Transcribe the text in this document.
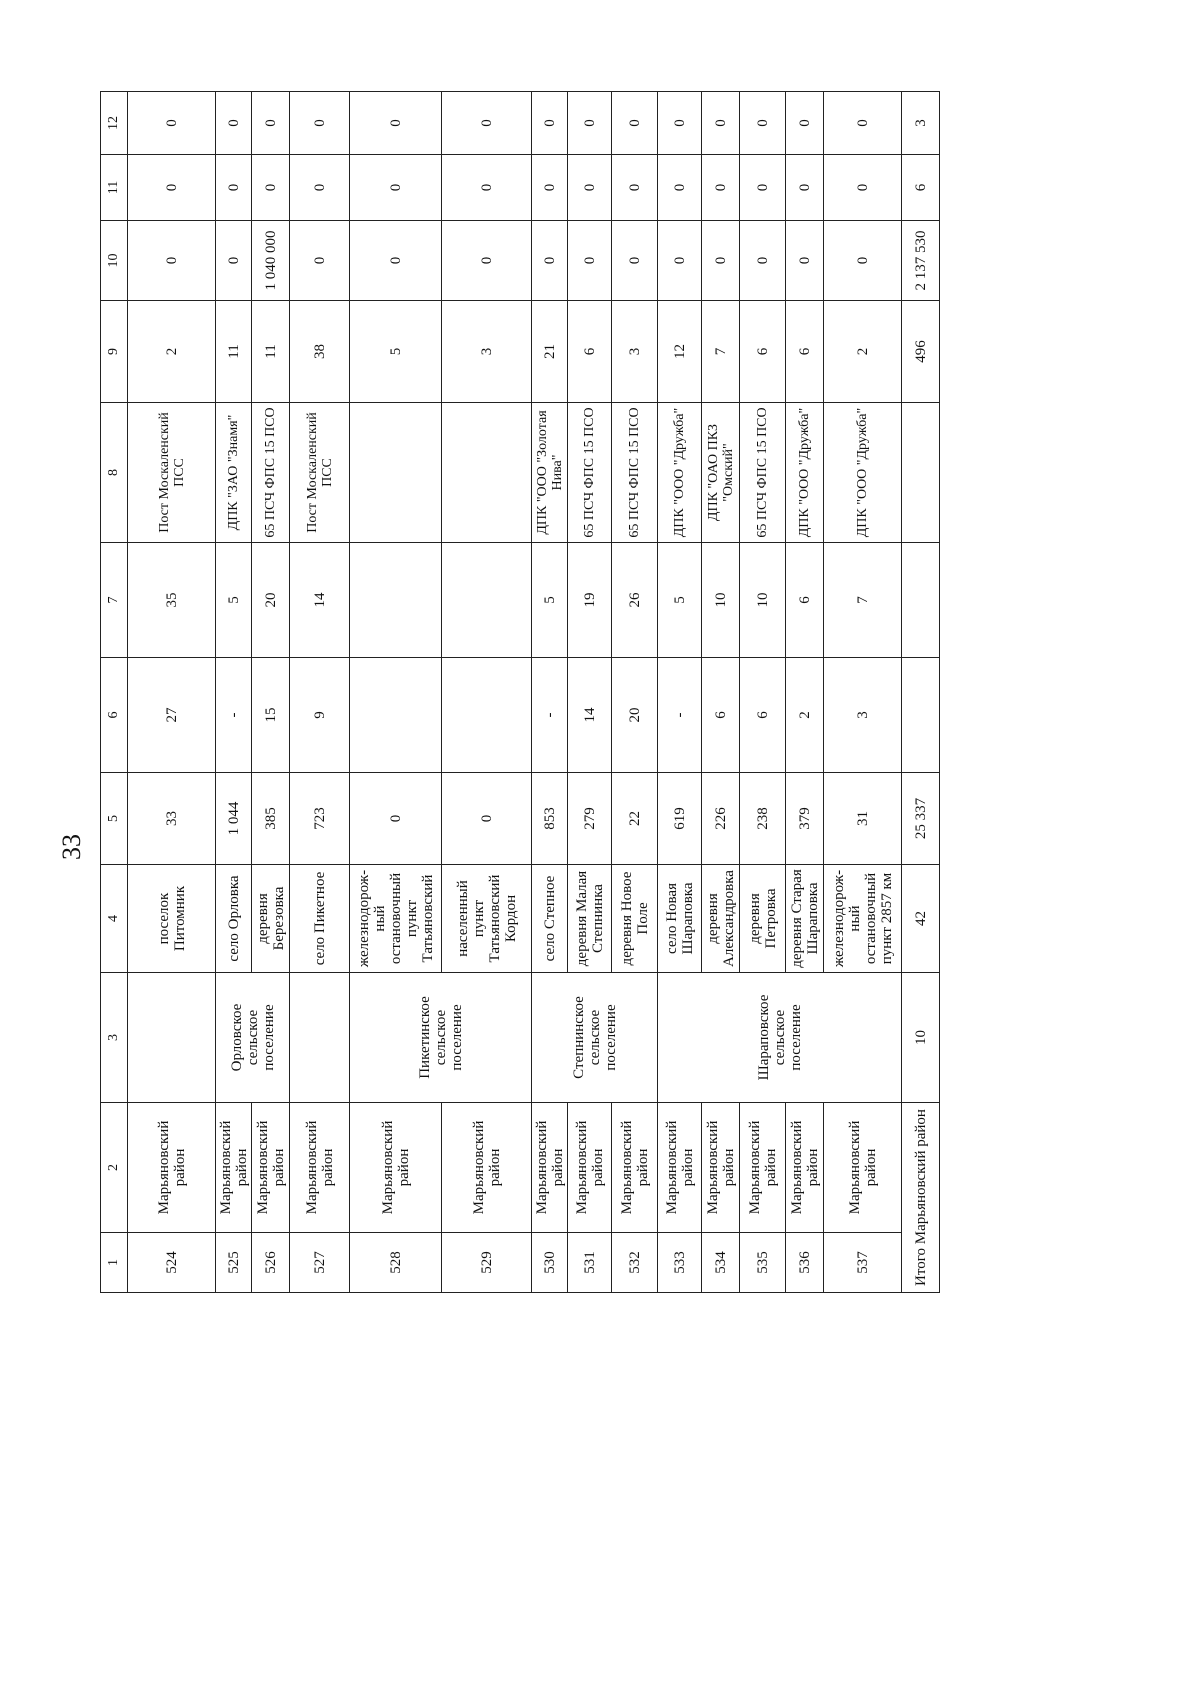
33
1	2	3	4	5	6	7	8	9	10	11	12
524	Марьяновский район		поселок Питомник	33	27	35	Пост Москаленский ПСС	2	0	0	0
525	Марьяновский район	Орловское сельское поселение	село Орловка	1 044	-	5	ДПК "ЗАО "Знамя"	11	0	0	0
526	Марьяновский район		деревня Березовка	385	15	20	65 ПСЧ ФПС 15 ПСО	11	1 040 000	0	0
527	Марьяновский район		село Пикетное	723	9	14	Пост Москаленский ПСС	38	0	0	0
528	Марьяновский район	Пикетинское сельское поселение	железнодорож-ный остановочный пункт Татьяновский	0				5	0	0	0
529	Марьяновский район		населенный пункт Татьяновский Кордон	0				3	0	0	0
530	Марьяновский район	Степнинское сельское поселение	село Степное	853	-	5	ДПК "ООО "Золотая Нива"	21	0	0	0
531	Марьяновский район		деревня Малая Степнинка	279	14	19	65 ПСЧ ФПС 15 ПСО	6	0	0	0
532	Марьяновский район		деревня Новое Поле	22	20	26	65 ПСЧ ФПС 15 ПСО	3	0	0	0
533	Марьяновский район	Шараповское сельское поселение	село Новая Шараповка	619	-	5	ДПК "ООО "Дружба"	12	0	0	0
534	Марьяновский район		деревня Александровка	226	6	10	ДПК "ОАО ПКЗ "Омский"	7	0	0	0
535	Марьяновский район		деревня Петровка	238	6	10	65 ПСЧ ФПС 15 ПСО	6	0	0	0
536	Марьяновский район		деревня Старая Шараповка	379	2	6	ДПК "ООО "Дружба"	6	0	0	0
537	Марьяновский район		железнодорож-ный остановочный пункт 2857 км	31	3	7	ДПК "ООО "Дружба"	2	0	0	0
Итого Марьяновский район		10	42	25 337				496	2 137 530	6	3
